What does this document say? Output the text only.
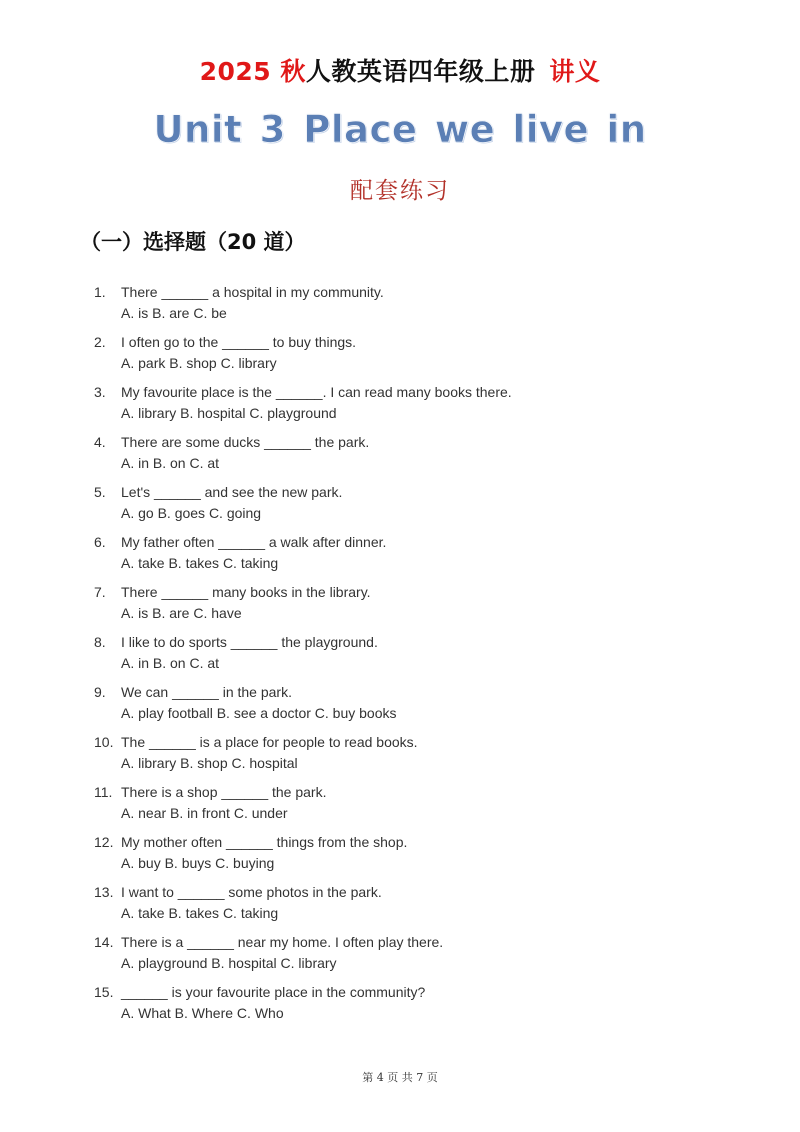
2025 秋人教英语四年级上册 讲义
Unit 3 Place we live in
配套练习
（一）选择题（20 道）
1.	There ______ a hospital in my community.
A. is B. are C. be
2.	I often go to the ______ to buy things.
A. park B. shop C. library
3.	My favourite place is the ______. I can read many books there.
A. library B. hospital C. playground
4.	There are some ducks ______ the park.
A. in B. on C. at
5.	Let's ______ and see the new park.
A. go B. goes C. going
6.	My father often ______ a walk after dinner.
A. take B. takes C. taking
7.	There ______ many books in the library.
A. is B. are C. have
8.	I like to do sports ______ the playground.
A. in B. on C. at
9.	We can ______ in the park.
A. play football B. see a doctor C. buy books
10. The ______ is a place for people to read books.
A. library B. shop C. hospital
11. There is a shop ______ the park.
A. near B. in front C. under
12. My mother often ______ things from the shop.
A. buy B. buys C. buying
13. I want to ______ some photos in the park.
A. take B. takes C. taking
14. There is a ______ near my home. I often play there.
A. playground B. hospital C. library
15. ______ is your favourite place in the community?
A. What B. Where C. Who
第 4 页 共 7 页
